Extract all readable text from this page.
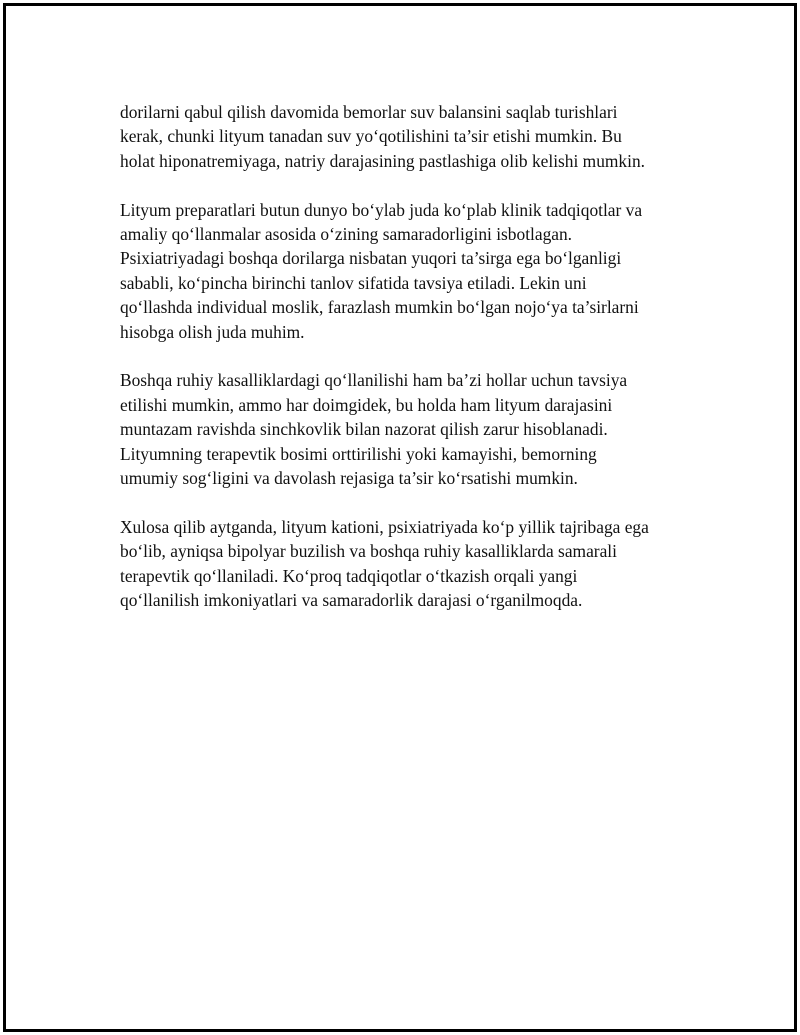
dorilarni qabul qilish davomida bemorlar suv balansini saqlab turishlari
kerak, chunki lityum tanadan suv yo‘qotilishini ta’sir etishi mumkin. Bu
holat hiponatremiyaga, natriy darajasining pastlashiga olib kelishi mumkin.

Lityum preparatlari butun dunyo bo‘ylab juda ko‘plab klinik tadqiqotlar va
amaliy qo‘llanmalar asosida o‘zining samaradorligini isbotlagan.
Psixiatriyadagi boshqa dorilarga nisbatan yuqori ta’sirga ega bo‘lganligi
sababli, ko‘pincha birinchi tanlov sifatida tavsiya etiladi. Lekin uni
qo‘llashda individual moslik, farazlash mumkin bo‘lgan nojo‘ya ta’sirlarni
hisobga olish juda muhim.

Boshqa ruhiy kasalliklardagi qo‘llanilishi ham ba’zi hollar uchun tavsiya
etilishi mumkin, ammo har doimgidek, bu holda ham lityum darajasini
muntazam ravishda sinchkovlik bilan nazorat qilish zarur hisoblanadi.
Lityumning terapevtik bosimi orttirilishi yoki kamayishi, bemorning
umumiy sog‘ligini va davolash rejasiga ta’sir ko‘rsatishi mumkin.

Xulosa qilib aytganda, lityum kationi, psixiatriyada ko‘p yillik tajribaga ega
bo‘lib, ayniqsa bipolyar buzilish va boshqa ruhiy kasalliklarda samarali
terapevtik qo‘llaniladi. Ko‘proq tadqiqotlar o‘tkazish orqali yangi
qo‘llanilish imkoniyatlari va samaradorlik darajasi o‘rganilmoqda.
